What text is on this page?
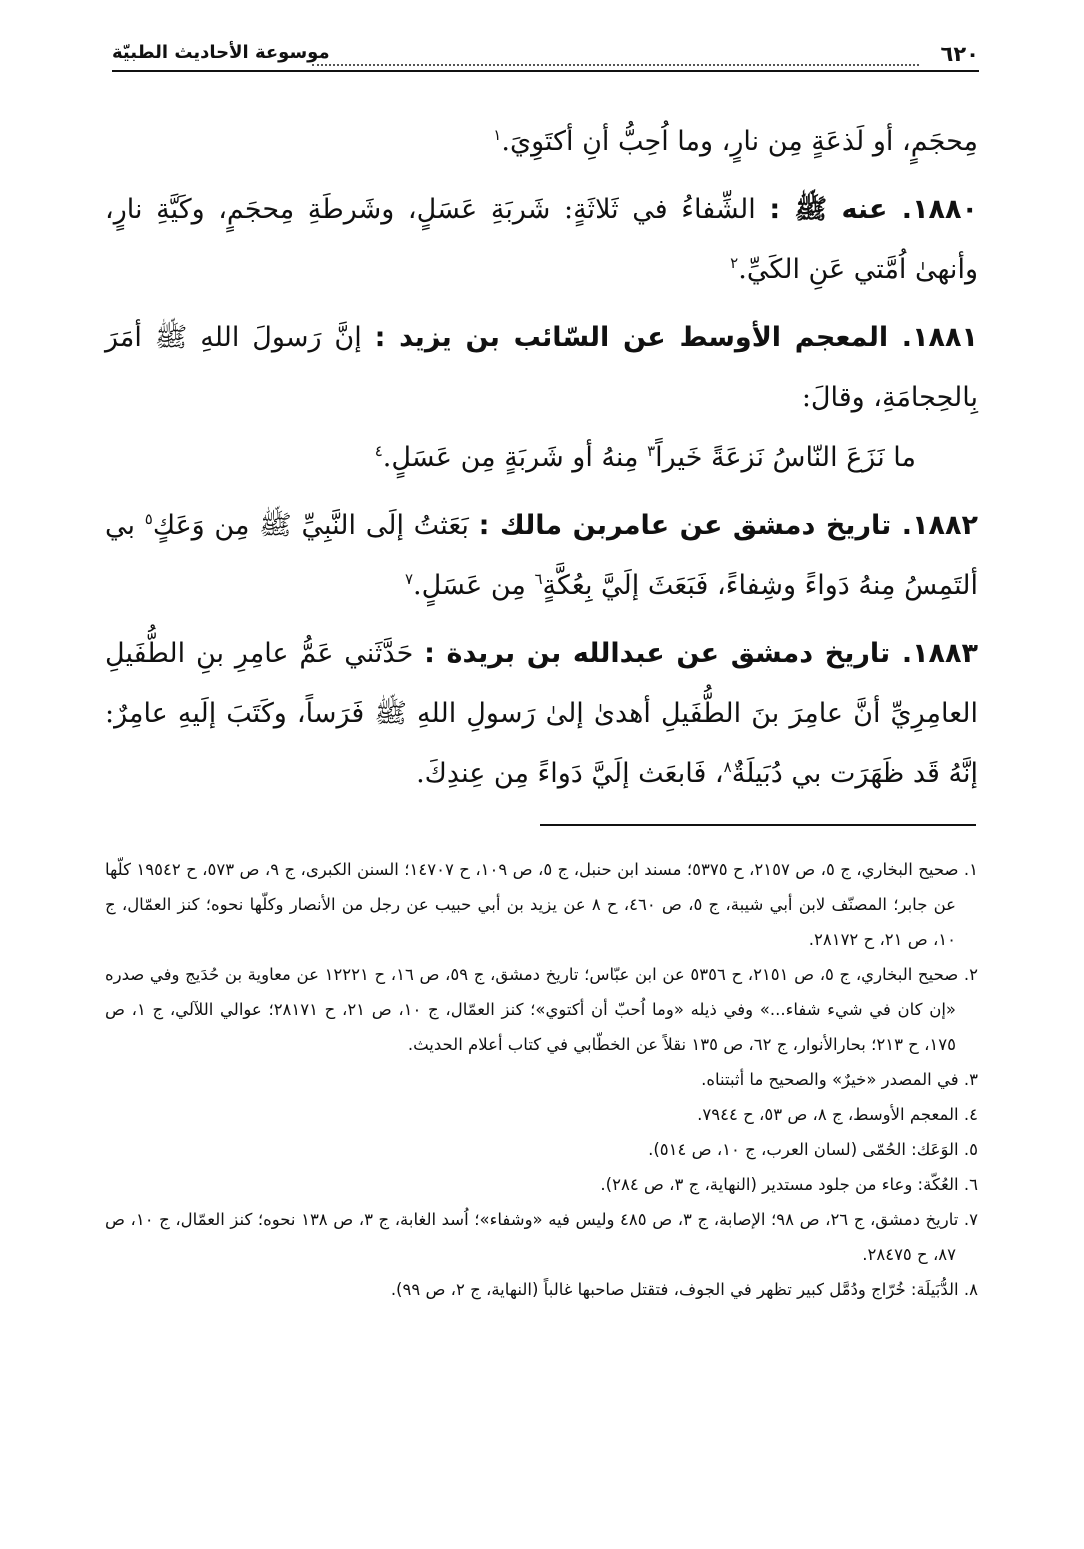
٦٢٠
موسوعة الأحاديث الطبيّة

مِحجَمٍ، أو لَذعَةٍ مِن نارٍ، وما اُحِبُّ أنِ أكتَوِيَ.$^١$

١٨٨٠. عنه ﷺ : الشِّفاءُ في ثَلاثَةٍ: شَربَةِ عَسَلٍ، وشَرطَةِ مِحجَمٍ، وكَيَّةِ نارٍ، وأنهىٰ اُمَّتي عَنِ الكَيِّ.$^٢$

١٨٨١. المعجم الأوسط عن السّائب بن يزيد : إنَّ رَسولَ اللهِ ﷺ أمَرَ بِالحِجامَةِ، وقالَ:
ما نَزَعَ النّاسُ نَزعَةً خَيراً$^٣$ مِنهُ أو شَربَةٍ مِن عَسَلٍ.$^٤$

١٨٨٢. تاريخ دمشق عن عامربن مالك : بَعَثتُ إلَى النَّبِيِّ ﷺ مِن وَعَكٍ$^٥$ بي ألتَمِسُ مِنهُ دَواءً وشِفاءً، فَبَعَثَ إلَيَّ بِعُكَّةٍ$^٦$ مِن عَسَلٍ.$^٧$

١٨٨٣. تاريخ دمشق عن عبدالله بن بريدة : حَدَّثَني عَمُّ عامِرِ بنِ الطُّفَيلِ العامِرِيِّ أنَّ عامِرَ بنَ الطُّفَيلِ أهدىٰ إلىٰ رَسولِ اللهِ ﷺ فَرَساً، وكَتَبَ إلَيهِ عامِرٌ: إنَّهُ قَد ظَهَرَت بي دُبَيلَةٌ$^٨$، فَابعَث إلَيَّ دَواءً مِن عِندِكَ.

١. صحيح البخاري، ج ٥، ص ٢١٥٧، ح ٥٣٧٥؛ مسند ابن حنبل، ج ٥، ص ١٠٩، ح ١٤٧٠٧؛ السنن الكبرى، ج ٩، ص ٥٧٣، ح ١٩٥٤٢ كلّها عن جابر؛ المصنّف لابن أبي شيبة، ج ٥، ص ٤٦٠، ح ٨ عن يزيد بن أبي حبيب عن رجل من الأنصار وكلّها نحوه؛ كنز العمّال، ج ١٠، ص ٢١، ح ٢٨١٧٢.

٢. صحيح البخاري، ج ٥، ص ٢١٥١، ح ٥٣٥٦ عن ابن عبّاس؛ تاريخ دمشق، ج ٥٩، ص ١٦، ح ١٢٢٢١ عن معاوية بن حُدَيج وفي صدره «إن كان في شيء شفاء...» وفي ذيله «وما اُحبّ أن أكتوي»؛ كنز العمّال، ج ١٠، ص ٢١، ح ٢٨١٧١؛ عوالي اللآلي، ج ١، ص ١٧٥، ح ٢١٣؛ بحارالأنوار، ج ٦٢، ص ١٣٥ نقلاً عن الخطّابي في كتاب أعلام الحديث.

٣. في المصدر «خيرٌ» والصحيح ما أثبتناه.

٤. المعجم الأوسط، ج ٨، ص ٥٣، ح ٧٩٤٤.

٥. الوَعَك: الحُمّى (لسان العرب، ج ١٠، ص ٥١٤).

٦. العُكّة: وعاء من جلود مستدير (النهاية، ج ٣، ص ٢٨٤).

٧. تاريخ دمشق، ج ٢٦، ص ٩٨؛ الإصابة، ج ٣، ص ٤٨٥ وليس فيه «وشفاء»؛ اُسد الغابة، ج ٣، ص ١٣٨ نحوه؛ كنز العمّال، ج ١٠، ص ٨٧، ح ٢٨٤٧٥.

٨. الدُّبَيلَة: خُرّاج ودُمَّل كبير تظهر في الجوف، فتقتل صاحبها غالباً (النهاية، ج ٢، ص ٩٩).
